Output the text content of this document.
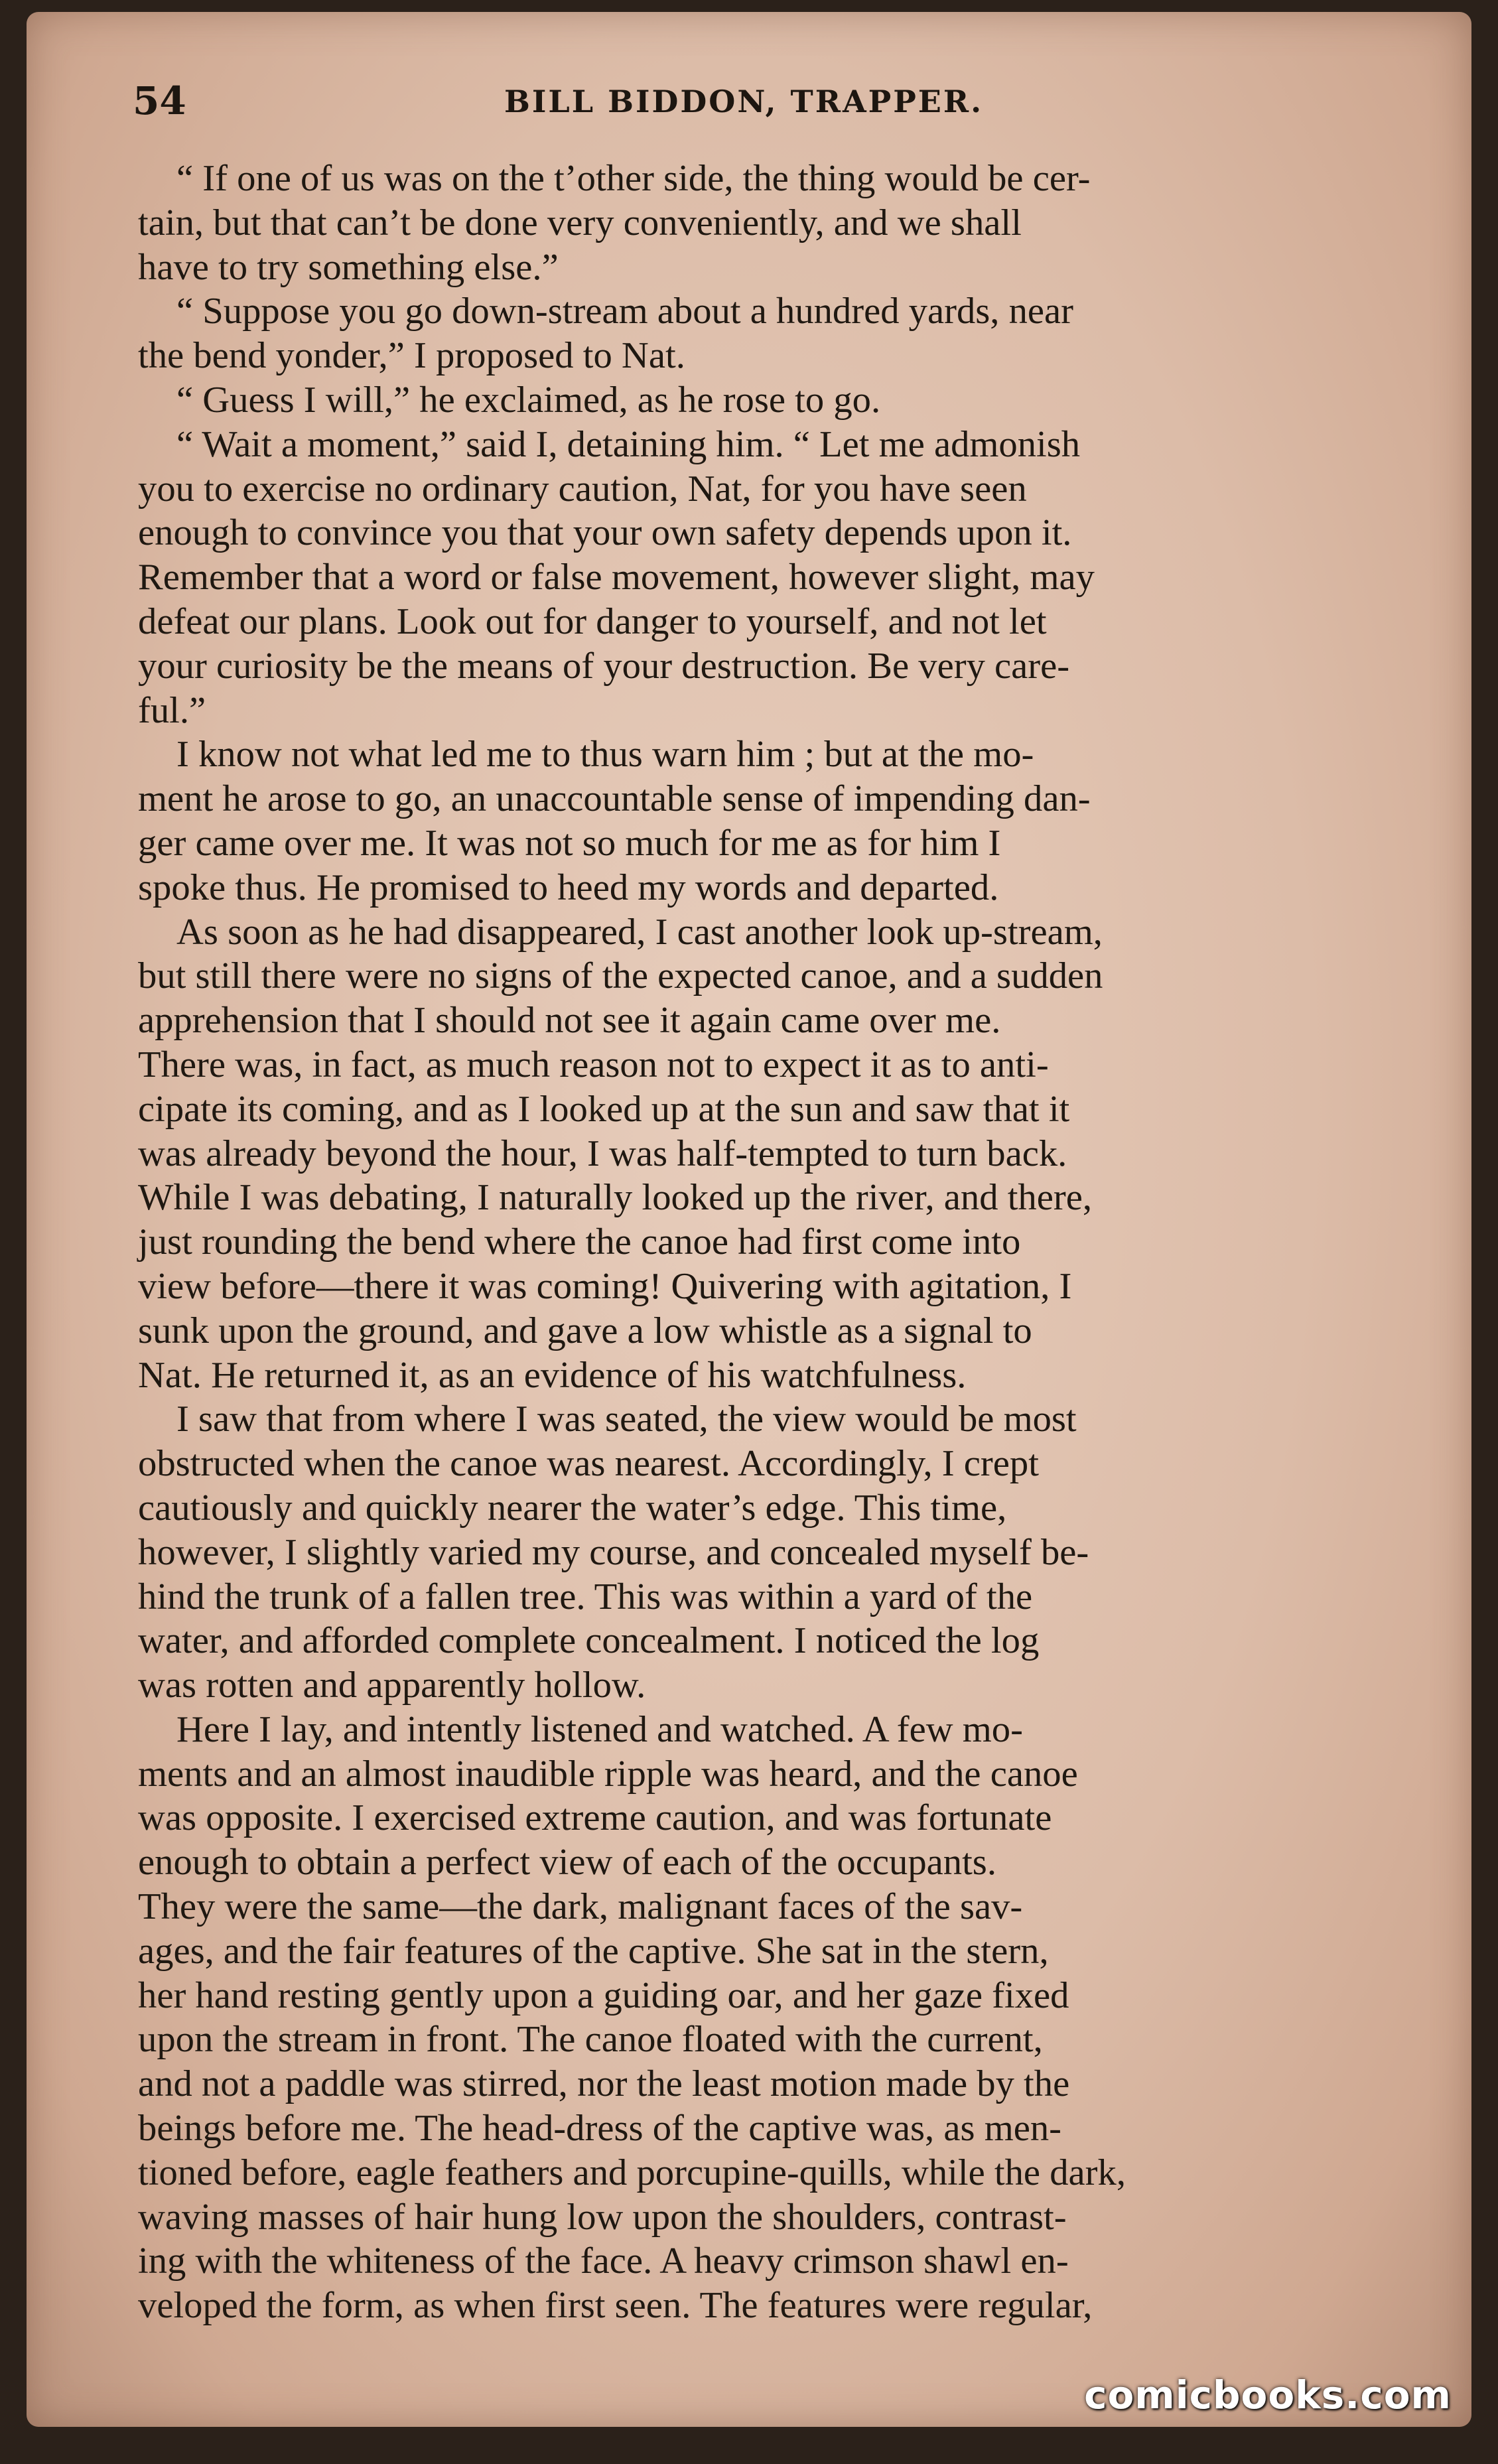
54	BILL BIDDON, TRAPPER.
“ If one of us was on the t’other side, the thing would be cer-
tain, but that can’t be done very conveniently, and we shall
have to try something else.”
“ Suppose you go down-stream about a hundred yards, near
the bend yonder,” I proposed to Nat.
“ Guess I will,” he exclaimed, as he rose to go.
“ Wait a moment,” said I, detaining him. “ Let me admonish
you to exercise no ordinary caution, Nat, for you have seen
enough to convince you that your own safety depends upon it.
Remember that a word or false movement, however slight, may
defeat our plans. Look out for danger to yourself, and not let
your curiosity be the means of your destruction. Be very care-
ful.”
I know not what led me to thus warn him ; but at the mo-
ment he arose to go, an unaccountable sense of impending dan-
ger came over me. It was not so much for me as for him I
spoke thus. He promised to heed my words and departed.
As soon as he had disappeared, I cast another look up-stream,
but still there were no signs of the expected canoe, and a sudden
apprehension that I should not see it again came over me.
There was, in fact, as much reason not to expect it as to anti-
cipate its coming, and as I looked up at the sun and saw that it
was already beyond the hour, I was half-tempted to turn back.
While I was debating, I naturally looked up the river, and there,
just rounding the bend where the canoe had first come into
view before—there it was coming! Quivering with agitation, I
sunk upon the ground, and gave a low whistle as a signal to
Nat. He returned it, as an evidence of his watchfulness.
I saw that from where I was seated, the view would be most
obstructed when the canoe was nearest. Accordingly, I crept
cautiously and quickly nearer the water’s edge. This time,
however, I slightly varied my course, and concealed myself be-
hind the trunk of a fallen tree. This was within a yard of the
water, and afforded complete concealment. I noticed the log
was rotten and apparently hollow.
Here I lay, and intently listened and watched. A few mo-
ments and an almost inaudible ripple was heard, and the canoe
was opposite. I exercised extreme caution, and was fortunate
enough to obtain a perfect view of each of the occupants.
They were the same—the dark, malignant faces of the sav-
ages, and the fair features of the captive. She sat in the stern,
her hand resting gently upon a guiding oar, and her gaze fixed
upon the stream in front. The canoe floated with the current,
and not a paddle was stirred, nor the least motion made by the
beings before me. The head-dress of the captive was, as men-
tioned before, eagle feathers and porcupine-quills, while the dark,
waving masses of hair hung low upon the shoulders, contrast-
ing with the whiteness of the face. A heavy crimson shawl en-
veloped the form, as when first seen. The features were regular,
comicbooks.com
